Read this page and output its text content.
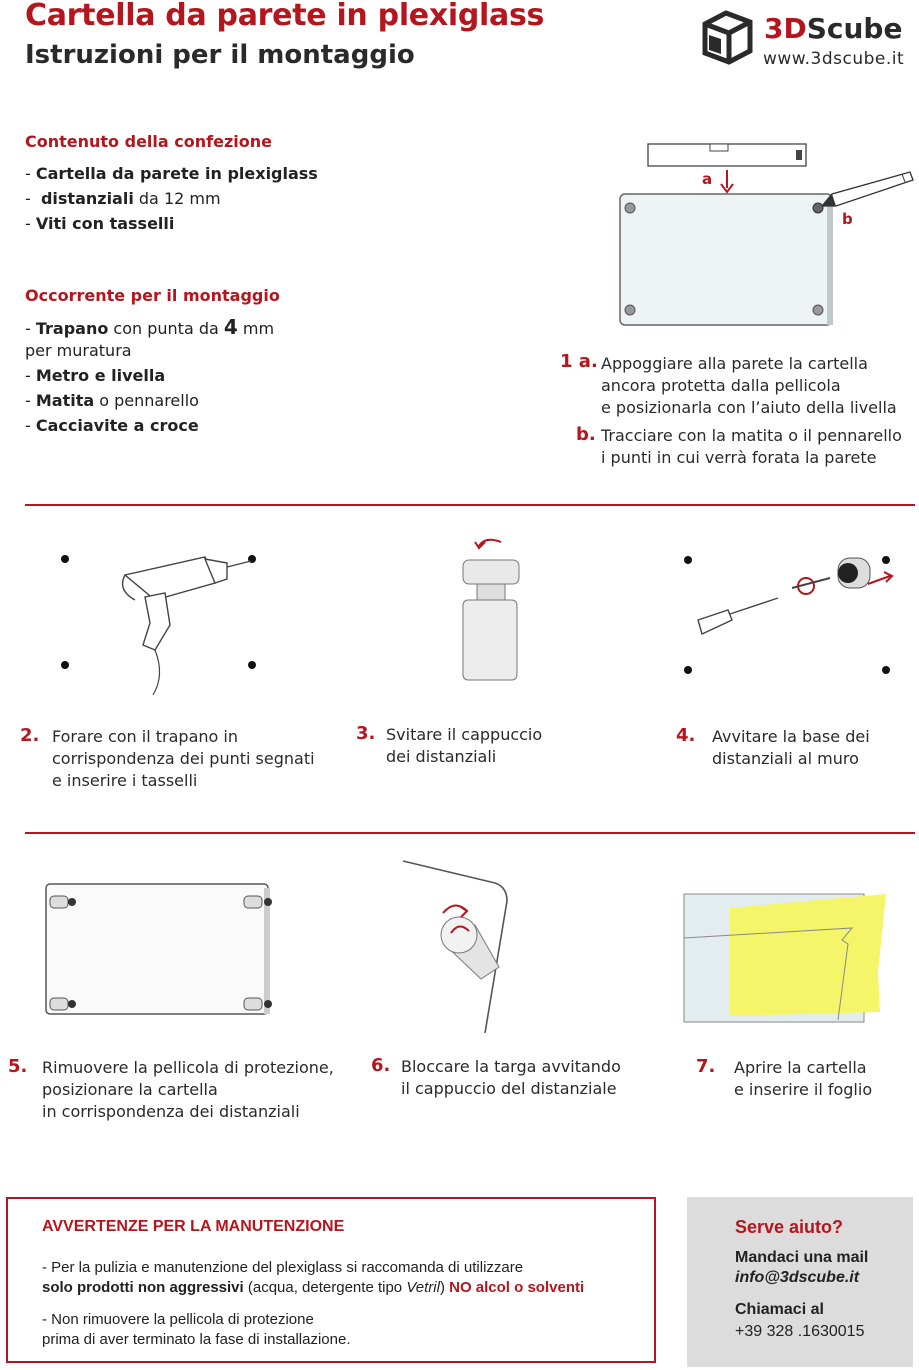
Cartella da parete in plexiglass
Istruzioni per il montaggio
3DScube
www.3dscube.it
Contenuto della confezione
- Cartella da parete in plexiglass
-  distanziali da 12 mm
- Viti con tasselli
Occorrente per il montaggio
- Trapano con punta da 4 mm
per muratura
- Metro e livella
- Matita o pennarello
- Cacciavite a croce
a
b
1 a. Appoggiare alla parete la cartella
ancora protetta dalla pellicola
e posizionarla con l’aiuto della livella
b. Tracciare con la matita o il pennarello
i punti in cui verrà forata la parete
2. Forare con il trapano in
corrispondenza dei punti segnati
e inserire i tasselli
3. Svitare il cappuccio
dei distanziali
4. Avvitare la base dei
distanziali al muro
5. Rimuovere la pellicola di protezione,
posizionare la cartella
in corrispondenza dei distanziali
6. Bloccare la targa avvitando
il cappuccio del distanziale
7. Aprire la cartella
e inserire il foglio
AVVERTENZE PER LA MANUTENZIONE
- Per la pulizia e manutenzione del plexiglass si raccomanda di utilizzare
solo prodotti non aggressivi (acqua, detergente tipo Vetril) NO alcol o solventi
- Non rimuovere la pellicola di protezione
prima di aver terminato la fase di installazione.
Serve aiuto?
Mandaci una mail
info@3dscube.it
Chiamaci al
+39 328 .1630015
